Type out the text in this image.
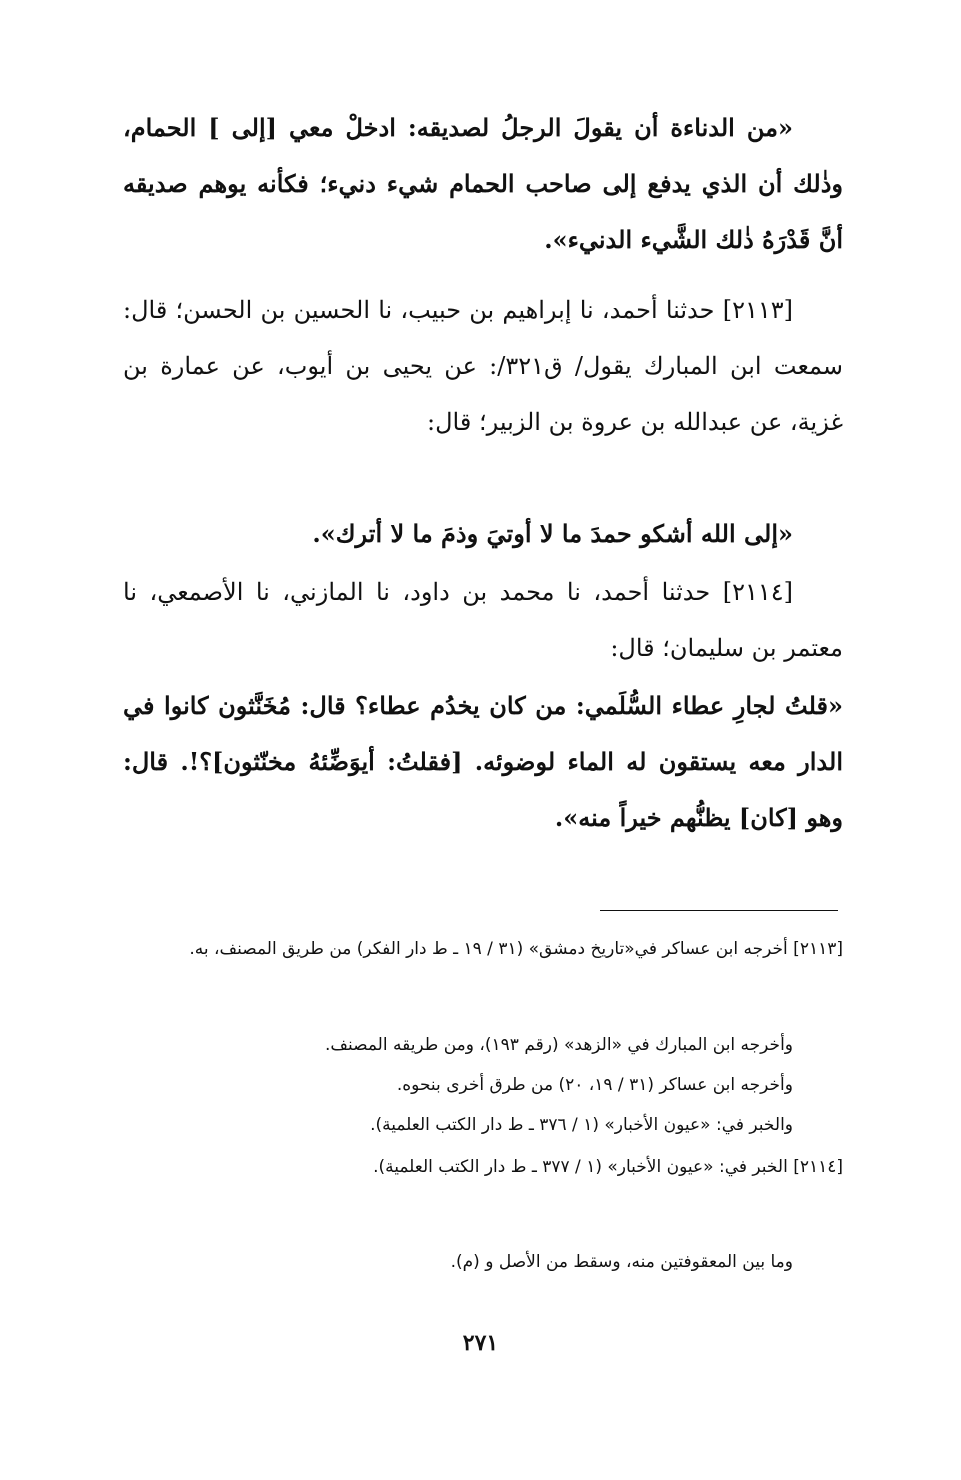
«من الدناءة أن يقولَ الرجلُ لصديقه: ادخلْ معي [إلى ] الحمام، وذٰلك أن الذي يدفع إلى صاحب الحمام شيء دنيء؛ فكأنه يوهم صديقه أنَّ قَدْرَهُ ذٰلك الشَّيء الدنيء».

[٢١١٣] حدثنا أحمد، نا إبراهيم بن حبيب، نا الحسين بن الحسن؛ قال: سمعت ابن المبارك يقول/ ق٣٢١/: عن يحيى بن أيوب، عن عمارة بن غزية، عن عبدالله بن عروة بن الزبير؛ قال:

«إلى الله أشكو حمدَ ما لا أوتيَ وذمَ ما لا أترك».

[٢١١٤] حدثنا أحمد، نا محمد بن داود، نا المازني، نا الأصمعي، نا معتمر بن سليمان؛ قال:

«قلتُ لجارِ عطاء السُّلَمي: من كان يخدُم عطاء؟ قال: مُخَنَّثون كانوا في الدار معه يستقون له الماء لوضوئه. [فقلتُ: أيوَضِّئهُ مخنّثون]؟!. قال: وهو [كان] يظنُّهم خيراً منه».

[٢١١٣] أخرجه ابن عساكر في«تاريخ دمشق» (٣١ / ١٩ ـ ط دار الفكر) من طريق المصنف، به.

وأخرجه ابن المبارك في «الزهد» (رقم ١٩٣)، ومن طريقه المصنف.

وأخرجه ابن عساكر (٣١ / ١٩، ٢٠) من طرق أخرى بنحوه.

والخبر في: «عيون الأخبار» (١ / ٣٧٦ ـ ط دار الكتب العلمية).

[٢١١٤] الخبر في: «عيون الأخبار» (١ / ٣٧٧ ـ ط دار الكتب العلمية).

وما بين المعقوفتين منه، وسقط من الأصل و (م).

٢٧١
